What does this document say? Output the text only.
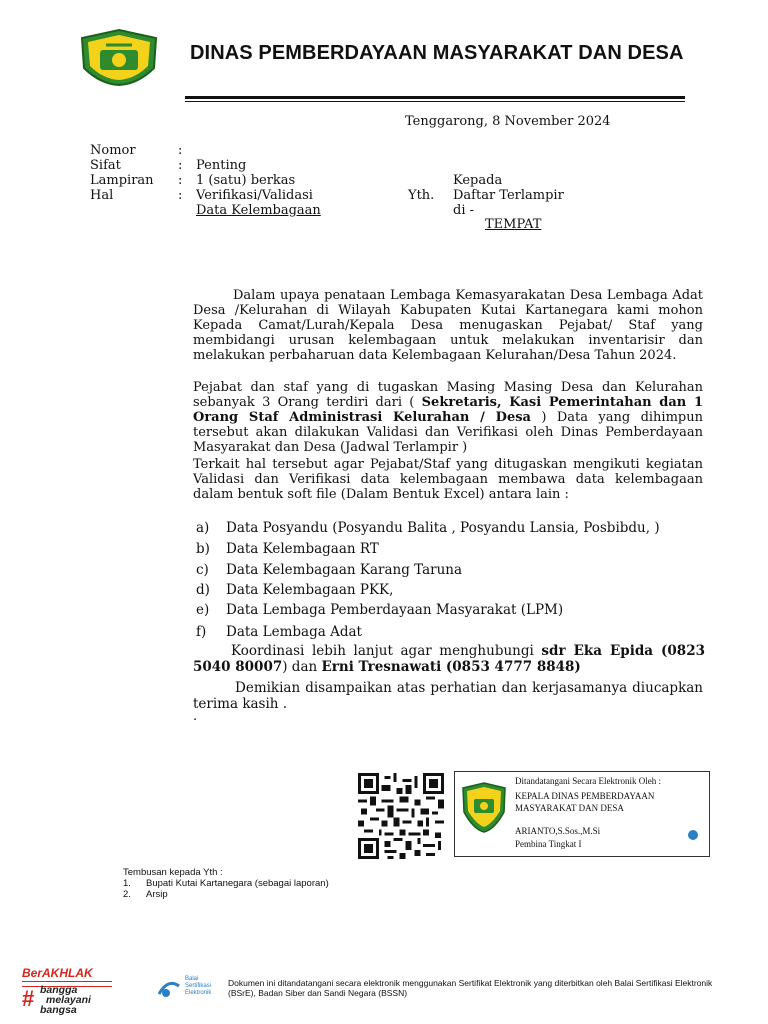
DINAS PEMBERDAYAAN MASYARAKAT DAN DESA
Tenggarong, 8 November 2024
Nomor	:
Sifat	:	Penting
Lampiran	:	1 (satu) berkas
Hal	:	Verifikasi/Validasi
Data Kelembagaan
Kepada
Yth. Daftar Terlampir
di -
TEMPAT
Dalam upaya penataan Lembaga Kemasyarakatan Desa Lembaga Adat Desa /Kelurahan di Wilayah Kabupaten Kutai Kartanegara kami mohon Kepada Camat/Lurah/Kepala Desa menugaskan Pejabat/ Staf yang membidangi urusan kelembagaan untuk melakukan inventarisir dan melakukan perbaharuan data Kelembagaan Kelurahan/Desa Tahun 2024.
Pejabat dan staf yang di tugaskan Masing Masing Desa dan Kelurahan sebanyak 3 Orang terdiri dari ( Sekretaris, Kasi Pemerintahan dan 1 Orang Staf Administrasi Kelurahan / Desa ) Data yang dihimpun tersebut akan dilakukan Validasi dan Verifikasi oleh Dinas Pemberdayaan Masyarakat dan Desa (Jadwal Terlampir )
Terkait hal tersebut agar Pejabat/Staf yang ditugaskan mengikuti kegiatan Validasi dan Verifikasi data kelembagaan membawa data kelembagaan dalam bentuk soft file (Dalam Bentuk Excel) antara lain :
a) Data Posyandu (Posyandu Balita , Posyandu Lansia, Posbibdu, )
b) Data Kelembagaan RT
c) Data Kelembagaan Karang Taruna
d) Data Kelembagaan PKK,
e) Data Lembaga Pemberdayaan Masyarakat (LPM)
f) Data Lembaga Adat
Koordinasi lebih lanjut agar menghubungi sdr Eka Epida (0823
5040 80007) dan Erni Tresnawati (0853 4777 8848)
Demikian disampaikan atas perhatian dan kerjasamanya diucapkan terima kasih .
.
Ditandatangani Secara Elektronik Oleh :
KEPALA DINAS PEMBERDAYAAN
MASYARAKAT DAN DESA
ARIANTO,S.Sos.,M.Si
Pembina Tingkat I
Tembusan kepada Yth :
1.	Bupati Kutai Kartanegara (sebagai laporan)
2.	Arsip
BerAKHLAK
# bangga
melayani
bangsa
Balai
Sertifikasi
Elektronik
Dokumen ini ditandatangani secara elektronik menggunakan Sertifikat Elektronik yang diterbitkan oleh Balai Sertifikasi Elektronik (BSrE), Badan Siber dan Sandi Negara (BSSN)
